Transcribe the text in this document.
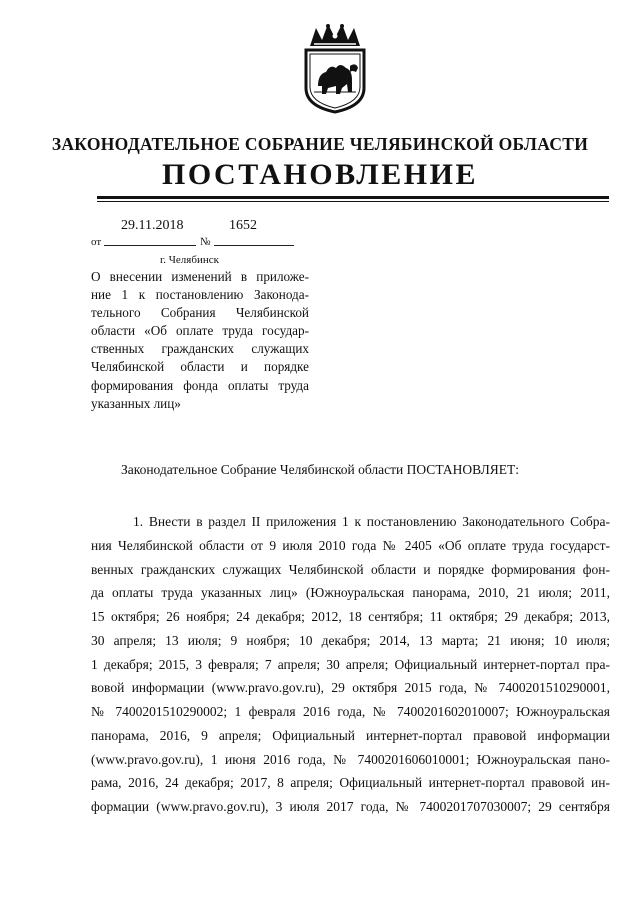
ЗАКОНОДАТЕЛЬНОЕ СОБРАНИЕ ЧЕЛЯБИНСКОЙ ОБЛАСТИ
ПОСТАНОВЛЕНИЕ
29.11.2018	1652
от	№
г. Челябинск
О внесении изменений в приложе-
ние 1 к постановлению Законода-
тельного Собрания Челябинской
области «Об оплате труда государ-
ственных гражданских служащих
Челябинской области и порядке
формирования фонда оплаты труда
указанных лиц»
Законодательное Собрание Челябинской области ПОСТАНОВЛЯЕТ:
1. Внести в раздел II приложения 1 к постановлению Законодательного Собра-
ния Челябинской области от 9 июля 2010 года № 2405 «Об оплате труда государст-
венных гражданских служащих Челябинской области и порядке формирования фон-
да оплаты труда указанных лиц» (Южноуральская панорама, 2010, 21 июля; 2011,
15 октября; 26 ноября; 24 декабря; 2012, 18 сентября; 11 октября; 29 декабря; 2013,
30 апреля; 13 июля; 9 ноября; 10 декабря; 2014, 13 марта; 21 июня; 10 июля;
1 декабря; 2015, 3 февраля; 7 апреля; 30 апреля; Официальный интернет-портал пра-
вовой информации (www.pravo.gov.ru), 29 октября 2015 года, № 7400201510290001,
№ 7400201510290002; 1 февраля 2016 года, № 7400201602010007; Южноуральская
панорама, 2016, 9 апреля; Официальный интернет-портал правовой информации
(www.pravo.gov.ru), 1 июня 2016 года, № 7400201606010001; Южноуральская пано-
рама, 2016, 24 декабря; 2017, 8 апреля; Официальный интернет-портал правовой ин-
формации (www.pravo.gov.ru), 3 июля 2017 года, № 7400201707030007; 29 сентября
